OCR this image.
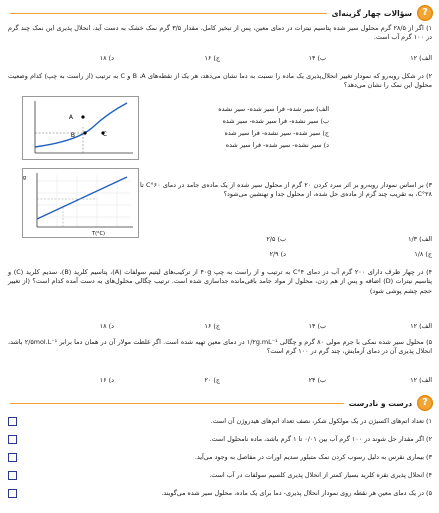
?
سؤالات چهار گزینه‌ای
۱) اگر از ۲۸/۵ گرم محلول سیر شده پتاسیم نیترات در دمای معین، پس از تبخیر کامل، مقدار ۳/۵ گرم نمک خشک به دست آید، انحلال پذیری این نمک چند گرم در ۱۰۰ گرم آب است.
الف) ۱۲
ب) ۱۴
ج) ۱۶
د) ۱۸
۲) در شکل روبه‌رو که نمودار تغییر انحلال‌پذیری یک ماده را نسبت به دما نشان می‌دهد، هر یک از نقطه‌های B ،A و C به ترتیب (از راست به چپ) کدام وضعیت محلول این نمک را نشان می‌دهد؟
A
B	C
الف) سیر شده- فرا سیر شده- سیر نشده
ب) سیر نشده- فرا سیر شده- سیر شده
ج) سیر شده- سیر نشده- فرا سیر شده
د) سیر نشده- سیر شده- فرا سیر شده
T(°C)
g
۳) بر اساس نمودار روبه‌رو بر اثر سرد کردن ۲۰ گرم از محلول سیر شده از یک ماده‌ی جامد در دمای ۶۰°C تا ۲۸°C، به تقریب چند گرم از ماده‌ی حل شده، از محلول جدا و تهنشین می‌شود؟
الف) ۱/۳
ب) ۲/۵
ج) ۱/۸
د) ۲/۹
۴) در چهار ظرف دارای ۲۰۰ گرم آب در دمای ۴°C به ترتیب و از راست به چپ ۴۰g از ترکیب‌های لیتیم سولفات (A)، پتاسیم کلرید (B)، سدیم کلرید (C) و پتاسیم نیترات (D) اضافه و پس از هم زدن، محلول از مواد جامد باقی‌مانده جداسازی شده است. ترتیب چگالی محلول‌های به دست آمده کدام است؟ (از تغییر حجم چشم پوشی شود)
الف) ۱۲
ب) ۱۴
ج) ۱۶
د) ۱۸
۵) محلول سیر شده نمکی با جرم مولی ۸۰ گرم و چگالی ۱/۲g.mL⁻¹ در دمای معین تهیه شده است. اگر غلظت مولار آن در همان دما برابر ۲/۵mol.L⁻¹ باشد، انحلال پذیری آن در دمای آزمایش، چند گرم در ۱۰۰ گرم است؟
الف) ۱۲
ب) ۲۴
ج) ۲۰
د) ۱۶
?
درست و نادرست
۱) تعداد اتم‌های اکسیژن در یک مولکول شکر، نصف تعداد اتم‌های هیدروژن آن است.
۲) اگر مقدار حل شوند در ۱۰۰ گرم آب بین ۰/۰۱ تا ۱ گرم باشد، ماده نامحلول است.
۳) بیماری نقرس به دلیل رسوب کردن نمک متبلور سدیم اورات در مفاصل به وجود می‌آید.
۴) انحلال پذیری نقره کلرید بسیار کمتر از انحلال پذیری کلسیم سولفات در آب است.
۵) در یک دمای معین هر نقطه روی نمودار انحلال پذیری- دما برای یک ماده، محلول سیر شده می‌گویند.
